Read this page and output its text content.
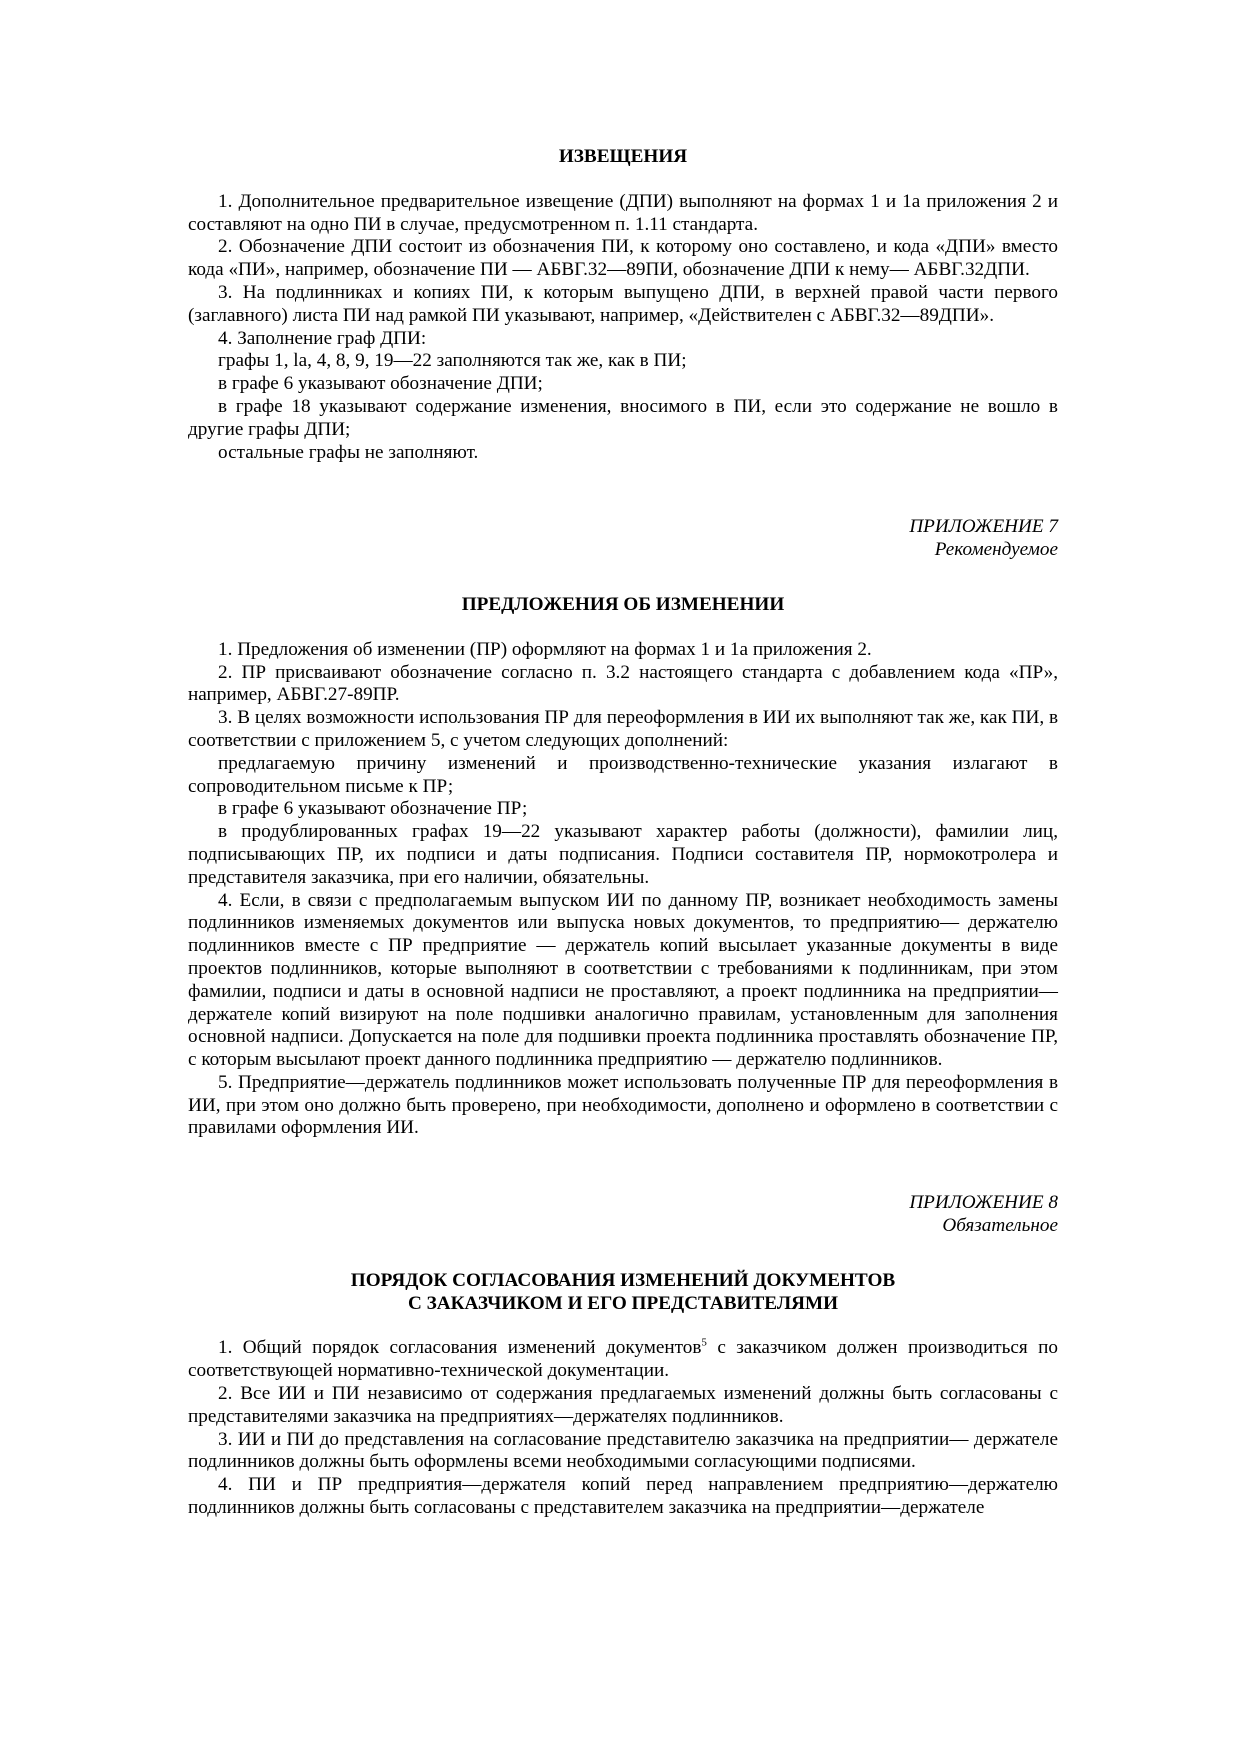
ИЗВЕЩЕНИЯ

1. Дополнительное предварительное извещение (ДПИ) выполняют на формах 1 и 1а приложения 2 и составляют на одно ПИ в случае, предусмотренном п. 1.11 стандарта.

2. Обозначение ДПИ состоит из обозначения ПИ, к которому оно составлено, и кода «ДПИ» вместо кода «ПИ», например, обозначение ПИ — АБВГ.32—89ПИ, обозначение ДПИ к нему— АБВГ.32ДПИ.

3. На подлинниках и копиях ПИ, к которым выпущено ДПИ, в верхней правой части первого (заглавного) листа ПИ над рамкой ПИ указывают, например, «Действителен с АБВГ.32—89ДПИ».

4. Заполнение граф ДПИ:

графы 1, la, 4, 8, 9, 19—22 заполняются так же, как в ПИ;

в графе 6 указывают обозначение ДПИ;

в графе 18 указывают содержание изменения, вносимого в ПИ, если это содержание не вошло в другие графы ДПИ;

остальные графы не заполняют.

ПРИЛОЖЕНИЕ 7

Рекомендуемое

ПРЕДЛОЖЕНИЯ ОБ ИЗМЕНЕНИИ

1. Предложения об изменении (ПР) оформляют на формах 1 и 1а приложения 2.

2. ПР присваивают обозначение согласно п. 3.2 настоящего стандарта с добавлением кода «ПР», например, АБВГ.27-89ПР.

3. В целях возможности использования ПР для переоформления в ИИ их выполняют так же, как ПИ, в соответствии с приложением 5, с учетом следующих дополнений:

предлагаемую причину изменений и производственно-технические указания излагают в сопроводительном письме к ПР;

в графе 6 указывают обозначение ПР;

в продублированных графах 19—22 указывают характер работы (должности), фамилии лиц, подписывающих ПР, их подписи и даты подписания. Подписи составителя ПР, нормокотролера и представителя заказчика, при его наличии, обязательны.

4. Если, в связи с предполагаемым выпуском ИИ по данному ПР, возникает необходимость замены подлинников изменяемых документов или выпуска новых документов, то предприятию— держателю подлинников вместе с ПР предприятие — держатель копий высылает указанные документы в виде проектов подлинников, которые выполняют в соответствии с требованиями к подлинникам, при этом фамилии, подписи и даты в основной надписи не проставляют, а проект подлинника на предприятии—держателе копий визируют на поле подшивки аналогично правилам, установленным для заполнения основной надписи. Допускается на поле для подшивки проекта подлинника проставлять обозначение ПР, с которым высылают проект данного подлинника предприятию — держателю подлинников.

5. Предприятие—держатель подлинников может использовать полученные ПР для переоформления в ИИ, при этом оно должно быть проверено, при необходимости, дополнено и оформлено в соответствии с правилами оформления ИИ.

ПРИЛОЖЕНИЕ 8

Обязательное

ПОРЯДОК СОГЛАСОВАНИЯ ИЗМЕНЕНИЙ ДОКУМЕНТОВ

С ЗАКАЗЧИКОМ И ЕГО ПРЕДСТАВИТЕЛЯМИ

1. Общий порядок согласования изменений документов$^5$ с заказчиком должен производиться по соответствующей нормативно-технической документации.

2. Все ИИ и ПИ независимо от содержания предлагаемых изменений должны быть согласованы с представителями заказчика на предприятиях—держателях подлинников.

3. ИИ и ПИ до представления на согласование представителю заказчика на предприятии— держателе подлинников должны быть оформлены всеми необходимыми согласующими подписями.

4. ПИ и ПР предприятия—держателя копий перед направлением предприятию—держателю подлинников должны быть согласованы с представителем заказчика на предприятии—держателе
